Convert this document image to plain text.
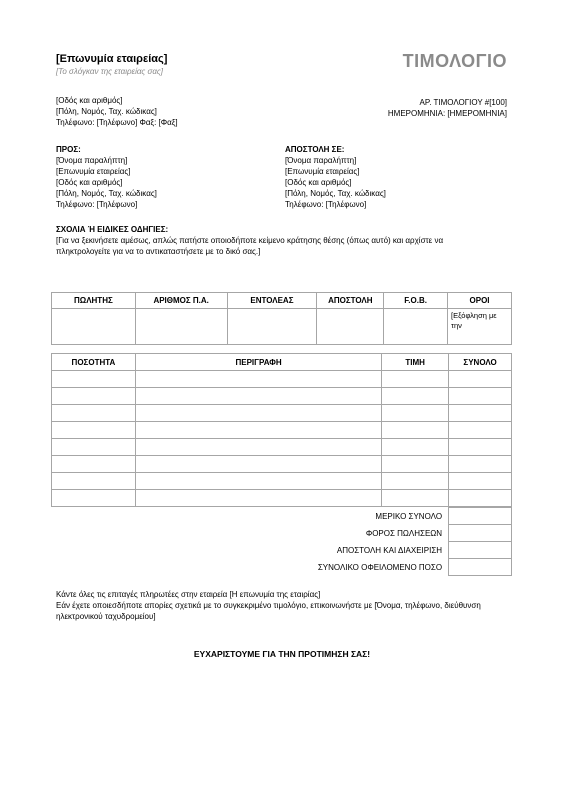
[Επωνυμία εταιρείας]
[Το σλόγκαν της εταιρείας σας]
ΤΙΜΟΛΟΓΙΟ
[Οδός και αριθμός]
[Πόλη, Νομός, Ταχ. κώδικας]
Τηλέφωνο: [Τηλέφωνο] Φαξ: [Φαξ]
ΑΡ. ΤΙΜΟΛΟΓΙΟΥ #[100]
ΗΜΕΡΟΜΗΝΙΑ: [ΗΜΕΡΟΜΗΝΙΑ]
ΠΡΟΣ:
[Όνομα παραλήπτη]
[Επωνυμία εταιρείας]
[Οδός και αριθμός]
[Πόλη, Νομός, Ταχ. κώδικας]
Τηλέφωνο: [Τηλέφωνο]
ΑΠΟΣΤΟΛΗ ΣΕ:
[Όνομα παραλήπτη]
[Επωνυμία εταιρείας]
[Οδός και αριθμός]
[Πόλη, Νομός, Ταχ. κώδικας]
Τηλέφωνο: [Τηλέφωνο]
ΣΧΟΛΙΑ Ή ΕΙΔΙΚΕΣ ΟΔΗΓΙΕΣ:
[Για να ξεκινήσετε αμέσως, απλώς πατήστε οποιοδήποτε κείμενο κράτησης θέσης (όπως αυτό) και αρχίστε να πληκτρολογείτε για να το αντικαταστήσετε με το δικό σας.]
ΠΩΛΗΤΗΣ	ΑΡΙΘΜΟΣ Π.Α.	ΕΝΤΟΛΕΑΣ	ΑΠΟΣΤΟΛΗ	F.O.B.	ΟΡΟΙ
					[Εξόφληση με την
ΠΟΣΟΤΗΤΑ	ΠΕΡΙΓΡΑΦΗ	ΤΙΜΗ	ΣΥΝΟΛΟ

ΜΕΡΙΚΟ ΣΥΝΟΛΟ	
ΦΟΡΟΣ ΠΩΛΗΣΕΩΝ	
ΑΠΟΣΤΟΛΗ ΚΑΙ ΔΙΑΧΕΙΡΙΣΗ	
ΣΥΝΟΛΙΚΟ ΟΦΕΙΛΟΜΕΝΟ ΠΟΣΟ	
Κάντε όλες τις επιταγές πληρωτέες στην εταιρεία [Η επωνυμία της εταιρίας]
Εάν έχετε οποιεσδήποτε απορίες σχετικά με το συγκεκριμένο τιμολόγιο, επικοινωνήστε με [Όνομα, τηλέφωνο, διεύθυνση ηλεκτρονικού ταχυδρομείου]
ΕΥΧΑΡΙΣΤΟΥΜΕ ΓΙΑ ΤΗΝ ΠΡΟΤΙΜΗΣΗ ΣΑΣ!
